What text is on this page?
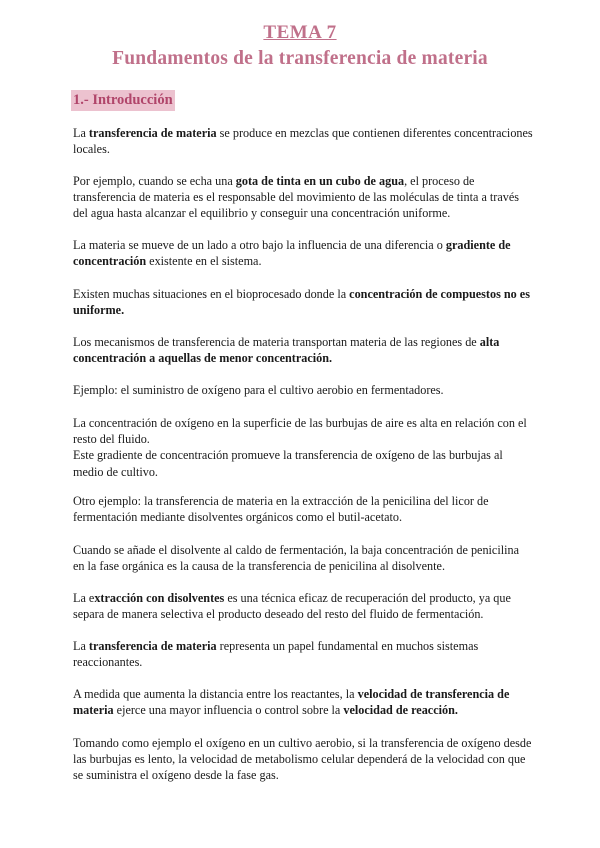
TEMA 7
Fundamentos de la transferencia de materia
1.- Introducción

La transferencia de materia se produce en mezclas que contienen diferentes concentraciones locales.

Por ejemplo, cuando se echa una gota de tinta en un cubo de agua, el proceso de transferencia de materia es el responsable del movimiento de las moléculas de tinta a través del agua hasta alcanzar el equilibrio y conseguir una concentración uniforme.

La materia se mueve de un lado a otro bajo la influencia de una diferencia o gradiente de concentración existente en el sistema.

Existen muchas situaciones en el bioprocesado donde la concentración de compuestos no es uniforme.

Los mecanismos de transferencia de materia transportan materia de las regiones de alta concentración a aquellas de menor concentración.

Ejemplo: el suministro de oxígeno para el cultivo aerobio en fermentadores.

La concentración de oxígeno en la superficie de las burbujas de aire es alta en relación con el resto del fluido.

Este gradiente de concentración promueve la transferencia de oxígeno de las burbujas al medio de cultivo.

Otro ejemplo: la transferencia de materia en la extracción de la penicilina del licor de fermentación mediante disolventes orgánicos como el butil-acetato.

Cuando se añade el disolvente al caldo de fermentación, la baja concentración de penicilina en la fase orgánica es la causa de la transferencia de penicilina al disolvente.

La extracción con disolventes es una técnica eficaz de recuperación del producto, ya que separa de manera selectiva el producto deseado del resto del fluido de fermentación.

La transferencia de materia representa un papel fundamental en muchos sistemas reaccionantes.

A medida que aumenta la distancia entre los reactantes, la velocidad de transferencia de materia ejerce una mayor influencia o control sobre la velocidad de reacción.

Tomando como ejemplo el oxígeno en un cultivo aerobio, si la transferencia de oxígeno desde las burbujas es lento, la velocidad de metabolismo celular dependerá de la velocidad con que se suministra el oxígeno desde la fase gas.
